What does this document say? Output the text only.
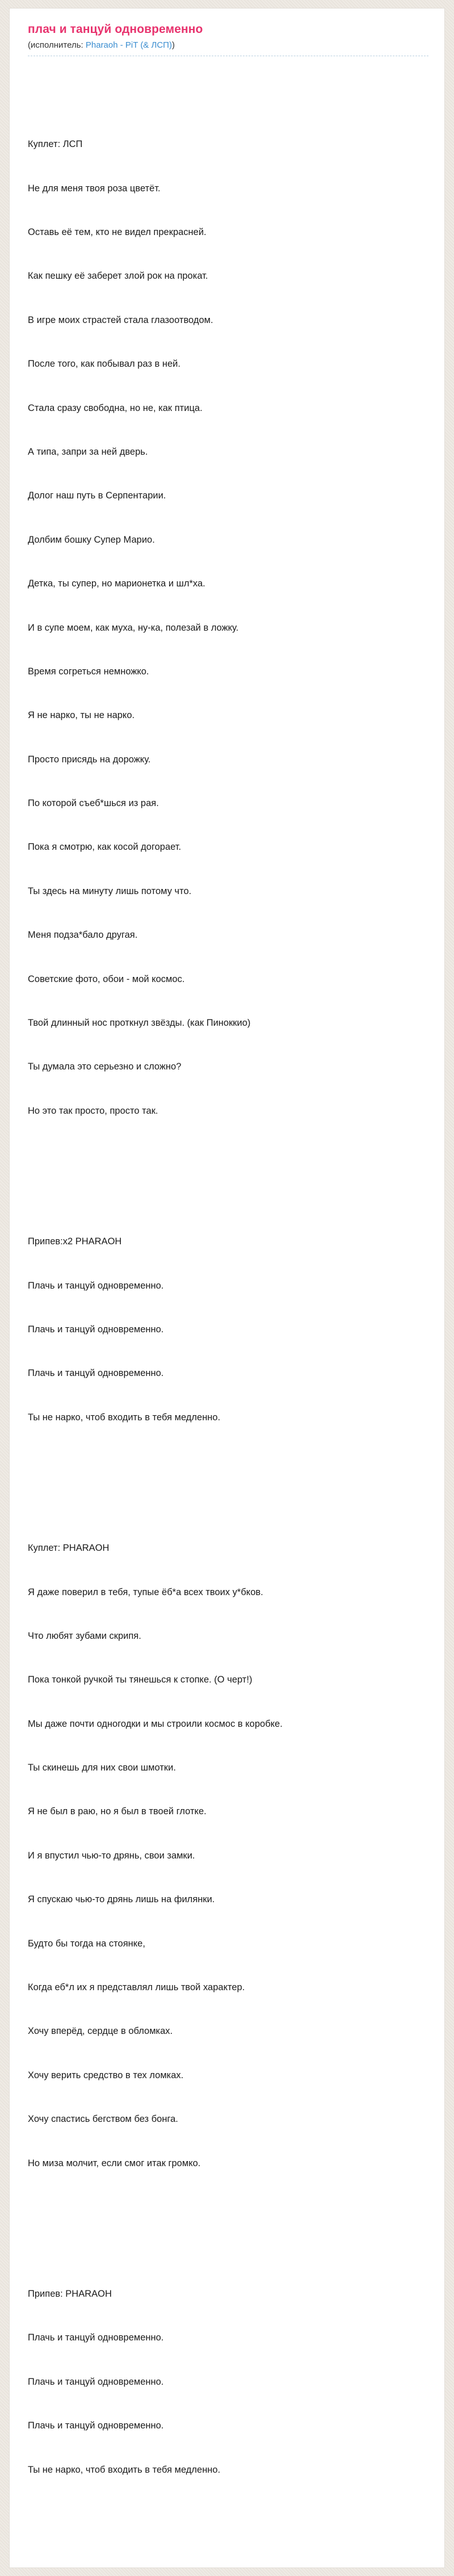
плач и танцуй одновременно
(исполнитель: Pharaoh - PiT (& ЛСП))

Куплет: ЛСП

Не для меня твоя роза цветёт.

Оставь её тем, кто не видел прекрасней.

Как пешку её заберет злой рок на прокат.

В игре моих страстей стала глазоотводом.

После того, как побывал раз в ней.

Стала сразу свободна, но не, как птица.

А типа, запри за ней дверь.

Долог наш путь в Серпентарии.

Долбим бошку Супер Марио.

Детка, ты супер, но марионетка и шл*ха.

И в супе моем, как муха, ну-ка, полезай в ложку.

Время согреться немножко.

Я не нарко, ты не нарко.

Просто присядь на дорожку.

По которой съеб*шься из рая.

Пока я смотрю, как косой догорает.

Ты здесь на минуту лишь потому что.

Меня подза*бало другая.

Советские фото, обои - мой космос.

Твой длинный нос проткнул звёзды. (как Пиноккио)

Ты думала это серьезно и сложно?

Но это так просто, просто так.

Припев:х2 PHARAOH

Плачь и танцуй одновременно.

Плачь и танцуй одновременно.

Плачь и танцуй одновременно.

Ты не нарко, чтоб входить в тебя медленно.

Куплет: PHARAOH

Я даже поверил в тебя, тупые ёб*а всех твоих у*бков.

Что любят зубами скрипя.

Пока тонкой ручкой ты тянешься к стопке. (О черт!)

Мы даже почти одногодки и мы строили космос в коробке.

Ты скинешь для них свои шмотки.

Я не был в раю, но я был в твоей глотке.

И я впустил чью-то дрянь, свои замки.

Я спускаю чью-то дрянь лишь на филянки.

Будто бы тогда на стоянке,

Когда еб*л их я представлял лишь твой характер.

Хочу вперёд, сердце в обломках.

Хочу верить средство в тех ломках.

Хочу спастись бегством без бонга.

Но миза молчит, если смог итак громко.

Припев: PHARAOH

Плачь и танцуй одновременно.

Плачь и танцуй одновременно.

Плачь и танцуй одновременно.

Ты не нарко, чтоб входить в тебя медленно.
